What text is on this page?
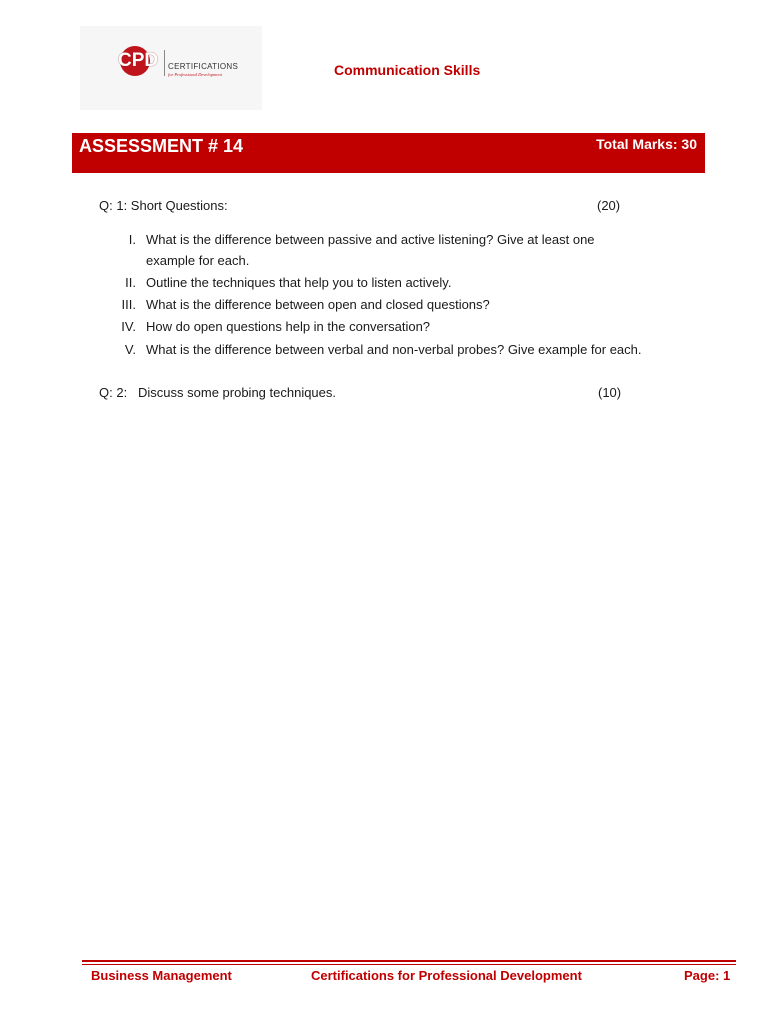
CPD CERTIFICATIONS
for Professional Development	Communication Skills
ASSESSMENT # 14	Total Marks: 30
Q: 1: Short Questions:	(20)
I. What is the difference between passive and active listening? Give at least one example for each.
II. Outline the techniques that help you to listen actively.
III. What is the difference between open and closed questions?
IV. How do open questions help in the conversation?
V. What is the difference between verbal and non-verbal probes? Give example for each.
Q: 2:   Discuss some probing techniques.	(10)
Business Management	Certifications for Professional Development	Page: 1
